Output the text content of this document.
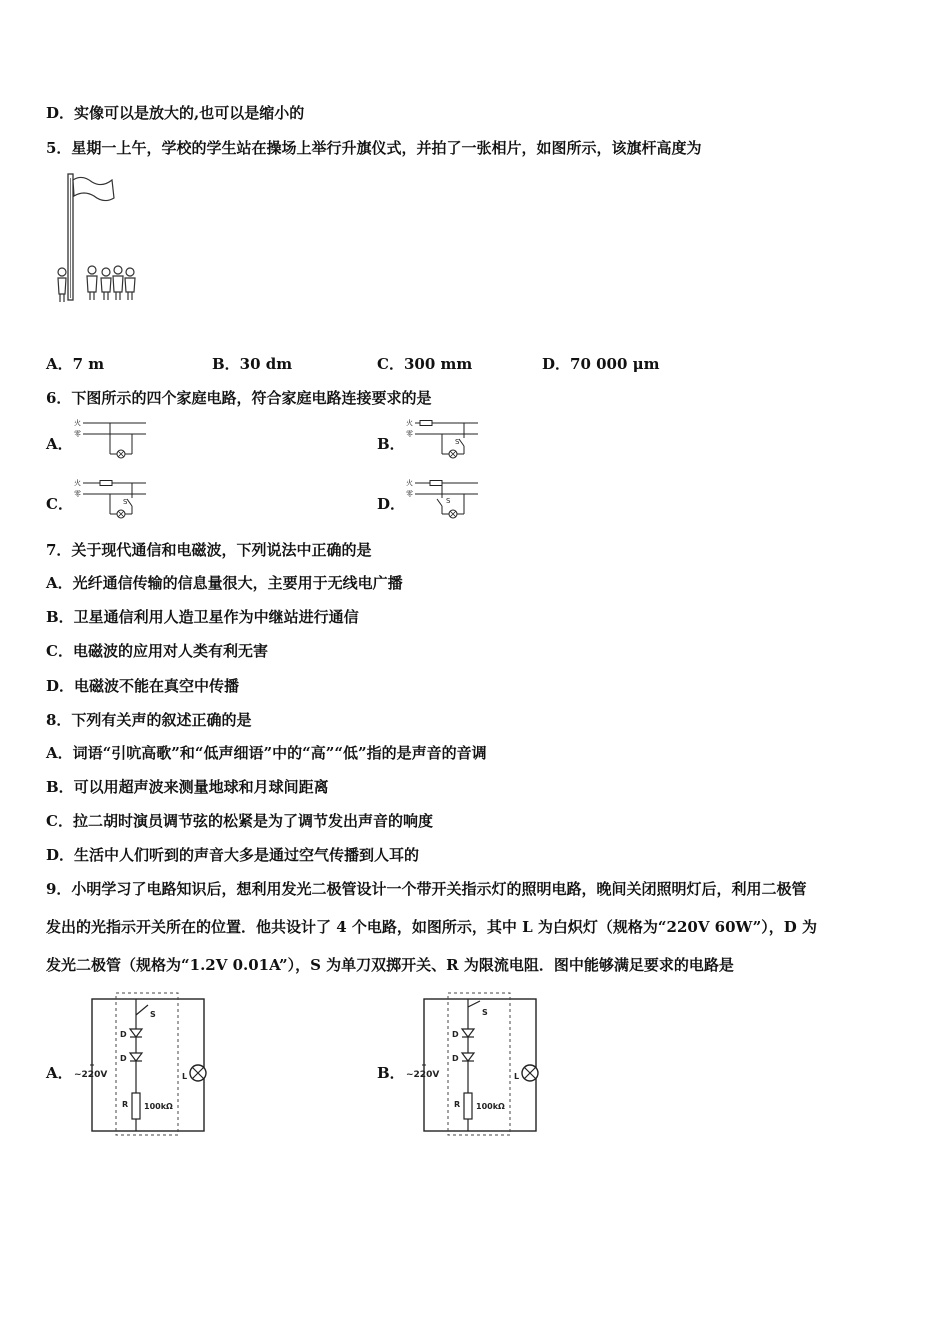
D．实像可以是放大的,也可以是缩小的
5．星期一上午，学校的学生站在操场上举行升旗仪式，并拍了一张相片，如图所示，该旗杆高度为
A．7 m	B．30 dm	C．300 mm	D．70 000 μm
6．下图所示的四个家庭电路，符合家庭电路连接要求的是
A．
火
零
B．
火
零
S
C．
火
零
S	D．
火
零
S
7．关于现代通信和电磁波，下列说法中正确的是
A．光纤通信传输的信息量很大，主要用于无线电广播
B．卫星通信利用人造卫星作为中继站进行通信
C．电磁波的应用对人类有利无害
D．电磁波不能在真空中传播
8．下列有关声的叙述正确的是
A．词语“引吭高歌”和“低声细语”中的“高”“低”指的是声音的音调
B．可以用超声波来测量地球和月球间距离
C．拉二胡时演员调节弦的松紧是为了调节发出声音的响度
D．生活中人们听到的声音大多是通过空气传播到人耳的
9．小明学习了电路知识后，想利用发光二极管设计一个带开关指示灯的照明电路，晚间关闭照明灯后，利用二极管
发出的光指示开关所在的位置．他共设计了 4 个电路，如图所示，其中 L 为白炽灯（规格为“220V 60W”），D 为
发光二极管（规格为“1.2V 0.01A”），S 为单刀双掷开关、R 为限流电阻．图中能够满足要求的电路是
A． ~220V
S
D
D
R 100kΩ
L	B． ~220V
S
D
D
R 100kΩ
L
